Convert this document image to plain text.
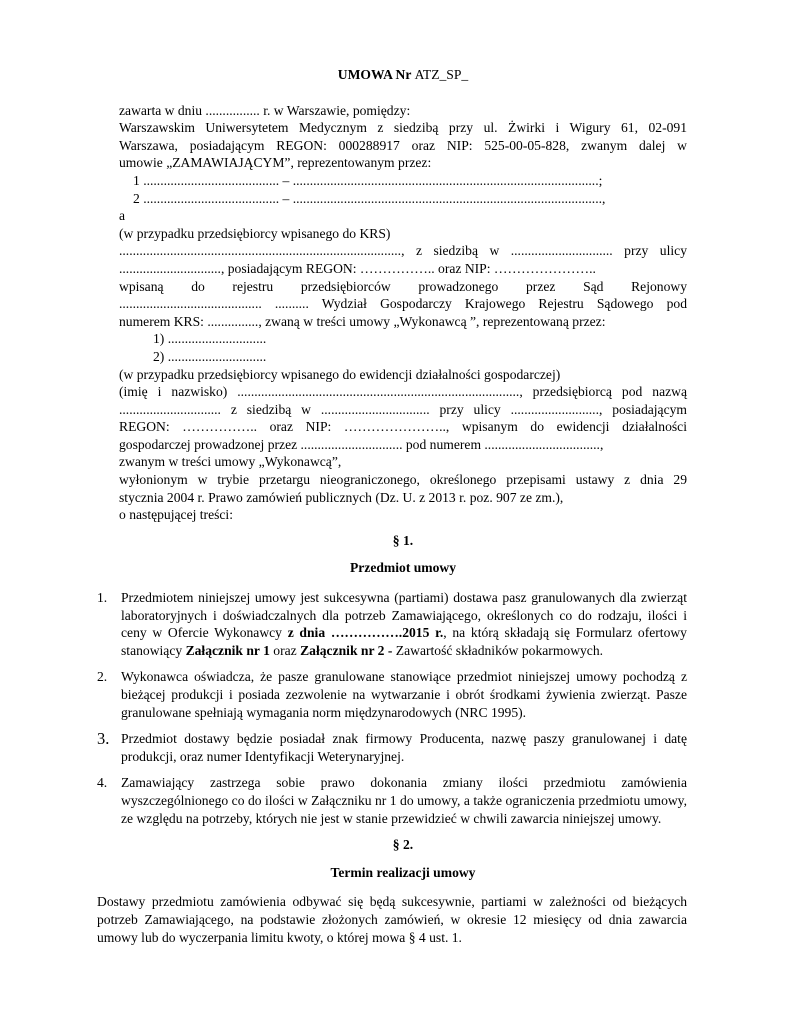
UMOWA Nr ATZ_SP_
zawarta w dniu ................ r. w Warszawie, pomiędzy:
Warszawskim Uniwersytetem Medycznym z siedzibą przy ul. Żwirki i Wigury 61, 02-091
Warszawa, posiadającym REGON: 000288917 oraz NIP: 525-00-05-828, zwanym dalej w
umowie „ZAMAWIAJĄCYM”, reprezentowanym przez:
1 ........................................ – ..........................................................................................;
2 ........................................ – ...........................................................................................,
a
(w przypadku przedsiębiorcy wpisanego do KRS)
..................................................................................., z siedzibą w .............................. przy ulicy
.............................., posiadającym REGON: …………….. oraz NIP: …………………..
wpisaną do rejestru przedsiębiorców prowadzonego przez Sąd Rejonowy
.......................................... .......... Wydział Gospodarczy Krajowego Rejestru Sądowego pod
numerem KRS: ..............., zwaną w treści umowy „Wykonawcą ”, reprezentowaną przez:
1) .............................
2) .............................
(w przypadku przedsiębiorcy wpisanego do ewidencji działalności gospodarczej)
(imię i nazwisko) ..................................................................................., przedsiębiorcą pod nazwą
.............................. z siedzibą w ................................ przy ulicy .........................., posiadającym
REGON: …………….. oraz NIP: ………………….., wpisanym do ewidencji działalności
gospodarczej prowadzonej przez .............................. pod numerem ..................................,
zwanym w treści umowy „Wykonawcą”,
wyłonionym w trybie przetargu nieograniczonego, określonego przepisami ustawy z dnia 29
stycznia 2004 r. Prawo zamówień publicznych (Dz. U. z 2013 r. poz. 907 ze zm.),
o następującej treści:
§ 1.
Przedmiot umowy
1. Przedmiotem niniejszej umowy jest sukcesywna (partiami) dostawa pasz granulowanych dla zwierząt laboratoryjnych i doświadczalnych dla potrzeb Zamawiającego, określonych co do rodzaju, ilości i ceny w Ofercie Wykonawcy z dnia …………….2015 r., na którą składają się Formularz ofertowy stanowiący Załącznik nr 1 oraz Załącznik nr 2 - Zawartość składników pokarmowych.
2. Wykonawca oświadcza, że pasze granulowane stanowiące przedmiot niniejszej umowy pochodzą z bieżącej produkcji i posiada zezwolenie na wytwarzanie i obrót środkami żywienia zwierząt. Pasze granulowane spełniają wymagania norm międzynarodowych (NRC 1995).
3. Przedmiot dostawy będzie posiadał znak firmowy Producenta, nazwę paszy granulowanej i datę produkcji, oraz numer Identyfikacji Weterynaryjnej.
4. Zamawiający zastrzega sobie prawo dokonania zmiany ilości przedmiotu zamówienia wyszczególnionego co do ilości w Załączniku nr 1 do umowy, a także ograniczenia przedmiotu umowy, ze względu na potrzeby, których nie jest w stanie przewidzieć w chwili zawarcia niniejszej umowy.
§ 2.
Termin realizacji umowy
Dostawy przedmiotu zamówienia odbywać się będą sukcesywnie, partiami w zależności od bieżących potrzeb Zamawiającego, na podstawie złożonych zamówień, w okresie 12 miesięcy od dnia zawarcia umowy lub do wyczerpania limitu kwoty, o której mowa § 4 ust. 1.
